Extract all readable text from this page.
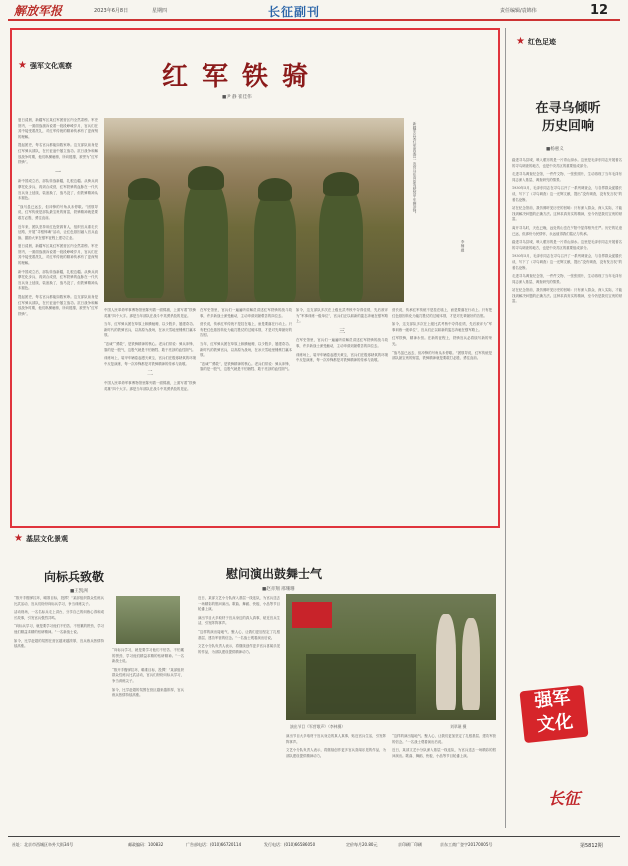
解放军报	2023年6月8日	星期四	长征副刊	责任编辑/袁锦伟	12
★ 强军文化观察	红军铁骑
■尹 静 崔佳伟

夏日清晨，新疆军区某红军团营区内全然肃穆。军史馆内，一面面战旗诉说着一段段峥嵘岁月，官兵们在其中接受着洗礼，对红军传统的精神传承有了更深刻的理解。

提起团史，每名官兵都能如数家珍。这支部队前身是红军骑兵部队，在长征途中屡立战功。抗日战争和解放战争时期，他们纵横驰骋，所向披靡，被誉为“红军铁骑”。

一

新中国成立后，部队转战新疆，扎根边疆。从骑兵到摩托化步兵，再到合成营，红军铁骑的血脉在一代代官兵身上延续，装备换了，战马没了，但铁骑精神从未褪色。

“战马虽已远去，但冲锋的号角从未停歇。”团领导说，红军传统是部队最宝贵的财富，铁骑精神就是要敢打必胜、勇往直前。

近年来，团队坚持用红色资源育人，组织官兵重走长征路，开展“寻根铸魂”活动，让红色基因融入官兵血脉，激励大家在强军征程上建功立业。

夏日清晨，新疆军区某红军团营区内全然肃穆。军史馆内，一面面战旗诉说着一段段峥嵘岁月，官兵们在其中接受着洗礼，对红军传统的精神传承有了更深刻的理解。

新中国成立后，部队转战新疆，扎根边疆。从骑兵到摩托化步兵，再到合成营，红军铁骑的血脉在一代代官兵身上延续，装备换了，战马没了，但铁骑精神从未褪色。

提起团史，每名官兵都能如数家珍。这支部队前身是红军骑兵部队，在长征途中屡立战功。抗日战争和解放战争时期，他们纵横驰骋，所向披靡，被誉为“红军铁骑”。

新疆军区某红军团某营一连官兵在高原驾驶装甲车辆冲锋。
李楠 摄

中国人民革命军事博物馆里陈列着一面锦旗，上面写着“铁骑英雄”四个大字。那是当年部队在战斗中英勇杀敌的见证。

当年，红军骑兵团在草原上纵横驰骋，以少胜多，屡建奇功。新时代的铁骑官兵，以高原为战场，在冰天雪地里锤炼打赢本领。

“忠诚”“勇敢”，是铁骑精神的核心。老兵们常说：骑兵冲锋，靠的是一股气，这股气就是不怕牺牲、敢于亮剑的血性胆气。

训练场上，装甲车辆卷起漫天黄尘，官兵们在极寒缺氧的环境中反复演练，每一次冲锋都是对铁骑精神的传承与致敬。

二

中国人民革命军事博物馆里陈列着一面锦旗，上面写着“铁骑英雄”四个大字。那是当年部队在战斗中英勇杀敌的见证。

在军史馆里，官兵们一遍遍听讲解员讲述红军铁骑的战斗故事，许多新战士深受触动，主动申请到最艰苦的岗位去。

营长说，传承红军传统不是挂在墙上，而是要落在行动上。只有把红色基因转化为能打胜仗的过硬本领，才是对先辈最好的告慰。

当年，红军骑兵团在草原上纵横驰骋，以少胜多，屡建奇功。新时代的铁骑官兵，以高原为战场，在冰天雪地里锤炼打赢本领。

“忠诚”“勇敢”，是铁骑精神的核心。老兵们常说：骑兵冲锋，靠的是一股气，这股气就是不怕牺牲、敢于亮剑的血性胆气。

如今，这支部队多次在上级比武考核中夺得佳绩，先后被评为“军事训练一级单位”，官兵们正以崭新的姿态奔驰在强军路上。

三

在军史馆里，官兵们一遍遍听讲解员讲述红军铁骑的战斗故事，许多新战士深受触动，主动申请到最艰苦的岗位去。

训练场上，装甲车辆卷起漫天黄尘，官兵们在极寒缺氧的环境中反复演练，每一次冲锋都是对铁骑精神的传承与致敬。

营长说，传承红军传统不是挂在墙上，而是要落在行动上。只有把红色基因转化为能打胜仗的过硬本领，才是对先辈最好的告慰。

如今，这支部队多次在上级比武考核中夺得佳绩，先后被评为“军事训练一级单位”，官兵们正以崭新的姿态奔驰在强军路上。

红军铁骑，精神永恒。在新的征程上，铁骑官兵必将续写新的荣光。

“战马虽已远去，但冲锋的号角从未停歇。”团领导说，红军传统是部队最宝贵的财富，铁骑精神就是要敢打必胜、勇往直前。

★ 红色足迹
在寻乌倾听
历史回响
■杨惠义

踏进寻乌县城，映入眼帘的是一片青山绿水。这里是毛泽东同志开展著名的寻乌调查的地方，也是中央苏区的重要组成部分。

走进寻乌调查纪念馆，一件件文物、一张张照片，生动再现了当年毛泽东同志深入基层、调查研究的情景。

1930年5月，毛泽东同志在寻乌召开了一系列调查会，与各界群众促膝长谈，写下了《寻乌调查》这一光辉文献，提出“没有调查，没有发言权”的著名论断。

站在纪念馆前，我仿佛听见历史的回响：只有深入群众、深入实际，才能找到解决问题的正确方法。这种求真务实的精神，至今仍是我们宝贵的财富。

离开寻乌时，天色已晚，远处的山峦在夕阳中显得格外庄严。历史的足迹已远，但那份为民情怀，永远值得我们铭记与传承。

踏进寻乌县城，映入眼帘的是一片青山绿水。这里是毛泽东同志开展著名的寻乌调查的地方，也是中央苏区的重要组成部分。

1930年5月，毛泽东同志在寻乌召开了一系列调查会，与各界群众促膝长谈，写下了《寻乌调查》这一光辉文献，提出“没有调查，没有发言权”的著名论断。

走进寻乌调查纪念馆，一件件文物、一张张照片，生动再现了当年毛泽东同志深入基层、调查研究的情景。

站在纪念馆前，我仿佛听见历史的回响：只有深入群众、深入实际，才能找到解决问题的正确方法。这种求真务实的精神，至今仍是我们宝贵的财富。

强军
文化
长征
第5812期
★ 基层文化景观
向标兵致敬
■王凯洲

“推开手榴弹拉环，瞄准目标，投掷！”某部组织群众性练兵比武活动，官兵们纷纷向标兵学习，争当训练尖子。

活动现场，一名名标兵走上讲台，分享自己的训练心得和成长故事，引发官兵强烈共鸣。

“向标兵学习，就是要学习他们不怕苦、不怕累的拼劲，学习他们精益求精的钻研精神。”一名新战士说。

如今，比学赶超的氛围在营区越来越浓厚，官兵练兵热情持续高涨。

“向标兵学习，就是要学习他们不怕苦、不怕累的拼劲，学习他们精益求精的钻研精神。”一名新战士说。

“推开手榴弹拉环，瞄准目标，投掷！”某部组织群众性练兵比武活动，官兵们纷纷向标兵学习，争当训练尖子。

如今，比学赶超的氛围在营区越来越浓厚，官兵练兵热情持续高涨。

慰问演出鼓舞士气
■赵赤翔 邢珊珊

近日，某部文艺小分队深入基层一线连队，为官兵送去一场精彩的慰问演出。歌曲、舞蹈、快板、小品等节目轮番上演。

演出节目大多取材于官兵身边的真人真事，贴近官兵生活，引发阵阵掌声。

“这样的演出接地气、聚人心，让我们更加坚定了扎根基层、建功军营的信念。”一名战士观看演出后说。

文艺小分队负责人表示，将继续创作更多官兵喜闻乐见的作品，为部队建设提供精神动力。

演出节目《军营歌声》（李林摄）	刘翠瑛 摄

演出节目大多取材于官兵身边的真人真事，贴近官兵生活，引发阵阵掌声。

文艺小分队负责人表示，将继续创作更多官兵喜闻乐见的作品，为部队建设提供精神动力。

“这样的演出接地气、聚人心，让我们更加坚定了扎根基层、建功军营的信念。”一名战士观看演出后说。

近日，某部文艺小分队深入基层一线连队，为官兵送去一场精彩的慰问演出。歌曲、舞蹈、快板、小品等节目轮番上演。

社址：北京市西城区阜外大街34号	邮政编码：100832	广告部电话：(010)66720114	发行电话：(010)66586050	定价每月20.80元	京印刷厂印刷	京东工商广登字20170005号
